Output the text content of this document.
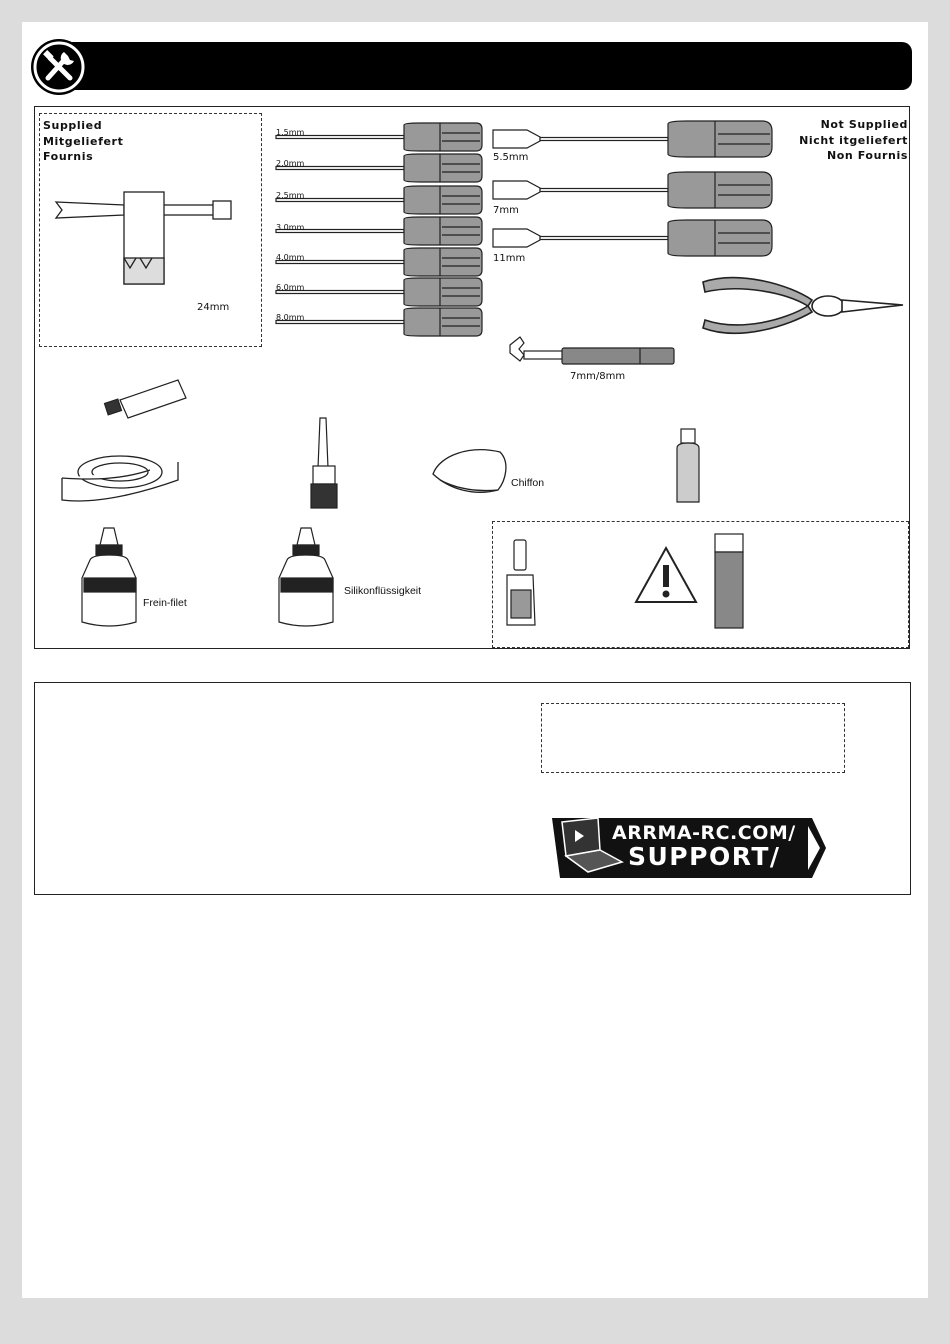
Supplied
Mitgeliefert
Fournis
Not Supplied
Nicht itgeliefert
Non Fournis
1.5mm
2.0mm
2.5mm
3.0mm
4.0mm
6.0mm
8.0mm
5.5mm
7mm
11mm
7mm/8mm
24mm
Chiffon
Frein-filet
Silikonflüssigkeit
TL
ARRMA-RC.COM/
SUPPORT/
